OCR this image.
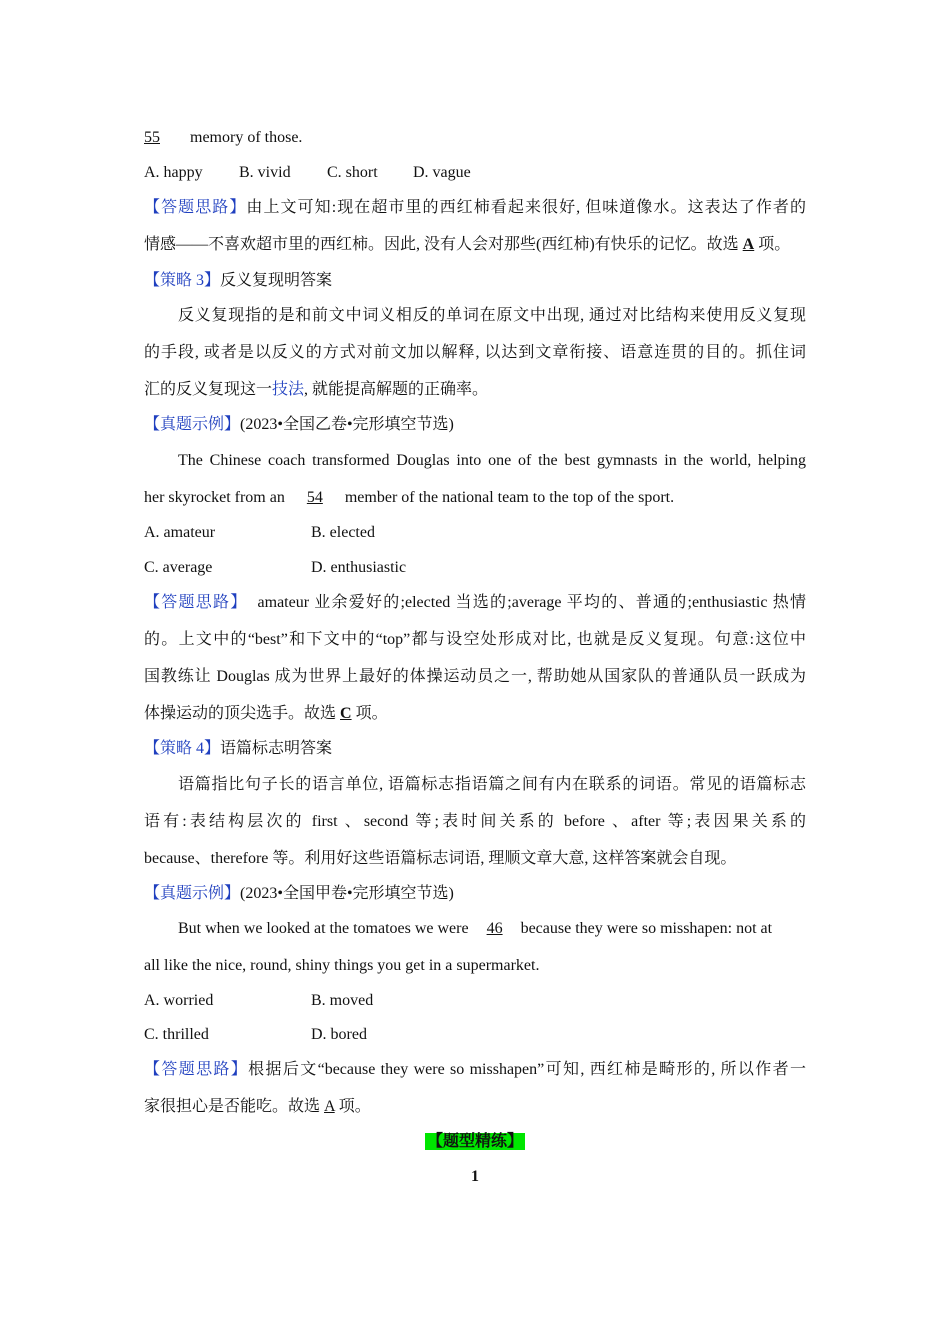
55 memory of those.
A. happy B. vivid C. short D. vague
【答题思路】由上文可知:现在超市里的西红柿看起来很好, 但味道像水。这表达了作者的
情感——不喜欢超市里的西红柿。因此, 没有人会对那些(西红柿)有快乐的记忆。故选 A 项。
【策略 3】反义复现明答案
反义复现指的是和前文中词义相反的单词在原文中出现, 通过对比结构来使用反义复现
的手段, 或者是以反义的方式对前文加以解释, 以达到文章衔接、语意连贯的目的。抓住词
汇的反义复现这一技法, 就能提高解题的正确率。
【真题示例】(2023•全国乙卷•完形填空节选)
The Chinese coach transformed Douglas into one of the best gymnasts in the world, helping
her skyrocket from an 54 member of the national team to the top of the sport.
A. amateur	B. elected
C. average	D. enthusiastic
【答题思路】 amateur 业余爱好的;elected 当选的;average 平均的、普通的;enthusiastic 热情
的。上文中的“best”和下文中的“top”都与设空处形成对比, 也就是反义复现。句意:这位中
国教练让 Douglas 成为世界上最好的体操运动员之一, 帮助她从国家队的普通队员一跃成为
体操运动的顶尖选手。故选 C 项。
【策略 4】语篇标志明答案
语篇指比句子长的语言单位, 语篇标志指语篇之间有内在联系的词语。常见的语篇标志
语有:表结构层次的 first 、second 等;表时间关系的 before 、after 等;表因果关系的
because、therefore 等。利用好这些语篇标志词语, 理顺文章大意, 这样答案就会自现。
【真题示例】(2023•全国甲卷•完形填空节选)
But when we looked at the tomatoes we were 46 because they were so misshapen: not at
all like the nice, round, shiny things you get in a supermarket.
A. worried	B. moved
C. thrilled	D. bored
【答题思路】根据后文“because they were so misshapen”可知, 西红柿是畸形的, 所以作者一
家很担心是否能吃。故选 A 项。
【题型精练】
1
